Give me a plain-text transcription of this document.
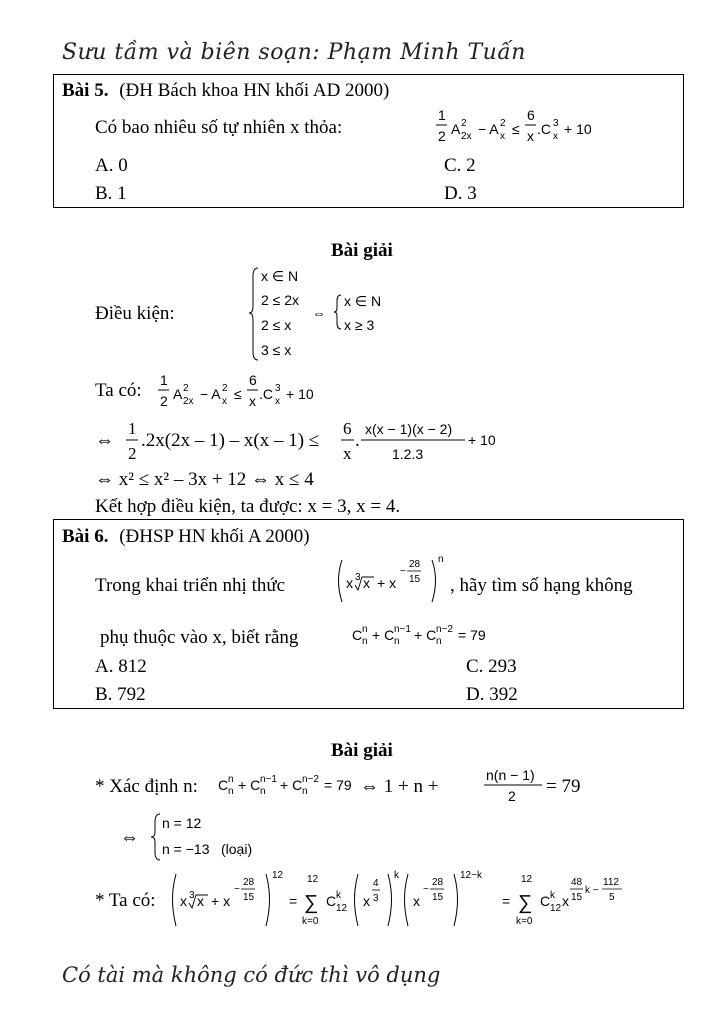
Sưu tầm và biên soạn: Phạm Minh Tuấn
Bài 5. (ĐH Bách khoa HN khối AD 2000)
Có bao nhiêu số tự nhiên x thỏa:
1
2 A 2
2x − A 2
x ≤
6
x .C 3
x + 10
A. 0	C. 2
B. 1	D. 3
Bài giải
Điều kiện:
x ∈ N
2 ≤ 2x
2 ≤ x
3 ≤ x
⇔
x ∈ N
x ≥ 3
Ta có: 1
2 A 2
2x − A 2
x ≤
6
x .C 3
x + 10
⇔
1
2
.2x(2x – 1) – x(x – 1) ≤
6
x
.
x(x − 1)(x − 2)
1.2.3
+ 10
⇔ x² ≤ x² – 3x + 12 ⇔ x ≤ 4
Kết hợp điều kiện, ta được: x = 3, x = 4.
Bài 6. (ĐHSP HN khối A 2000)
Trong khai triển nhị thức	x 3 x + x
−
28
15
n
, hãy tìm số hạng không
phụ thuộc vào x, biết rằng	C n
n + C n−1
n + C n−2
n = 79
A. 812	C. 293
B. 792	D. 392
Bài giải
* Xác định n: C n
n + C n−1
n + C n−2
n = 79 ⇔ 1 + n +
n(n − 1)
2 = 79
⇔
n = 12
n = −13 (loại)
* Ta có: x 3 x + x
−
28
15
12
=
12
∑
k=0
C k
12 x
4
3
k
x
−
28
15
12−k
=
12
∑
k=0
C k
12 x
48
15
k −
112
5
Có tài mà không có đức thì vô dụng
